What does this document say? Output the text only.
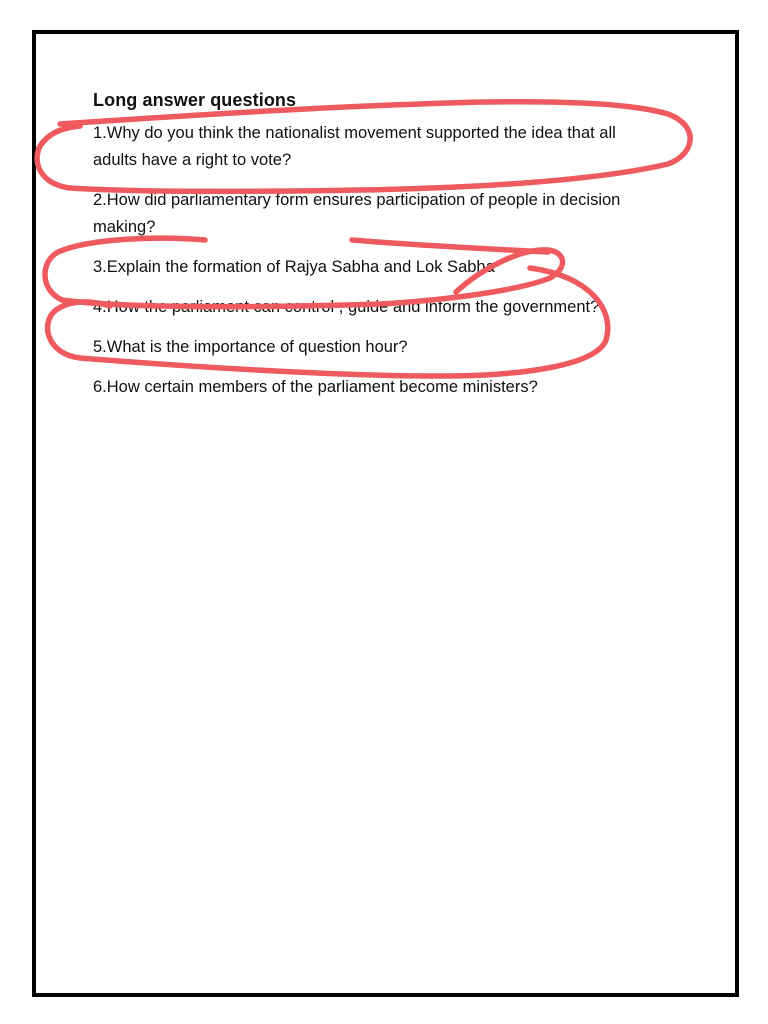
Long answer questions
1.Why do you think the nationalist movement supported the idea that all adults have a right to vote?
2.How did parliamentary form ensures participation of people in decision making?
3.Explain the formation of Rajya Sabha and Lok Sabha
4.How the parliament can control , guide and inform the government?
5.What is the importance of question hour?
6.How certain members of the parliament become ministers?
